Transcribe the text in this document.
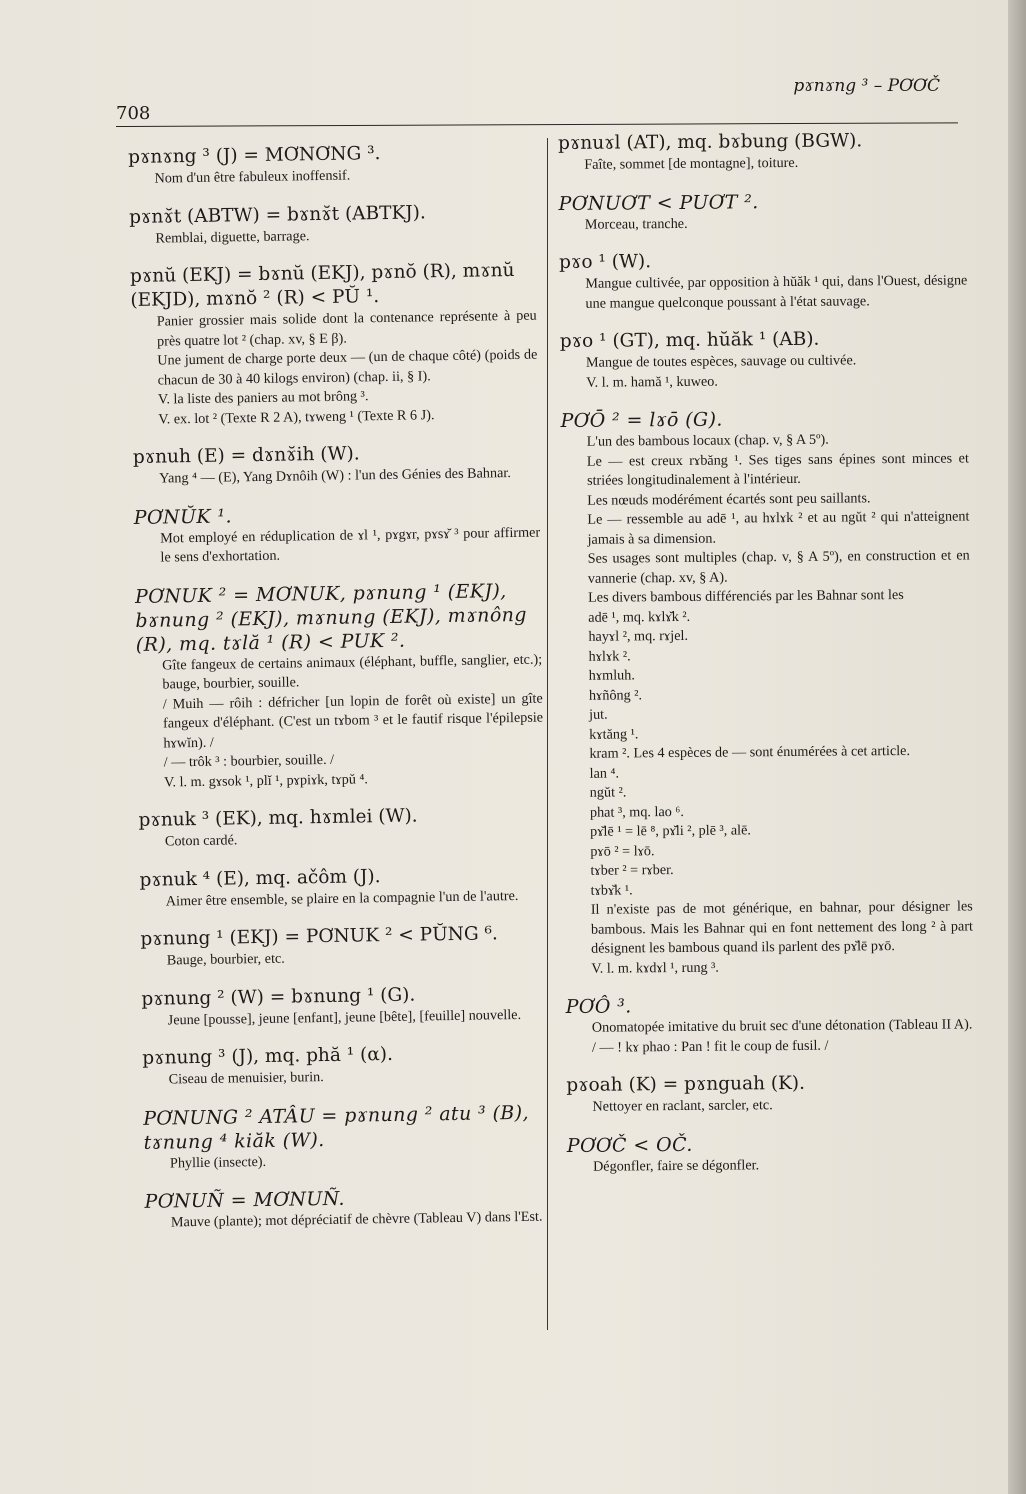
pɤnɤng ³ – PƠƠČ
708
pɤnɤng ³ (J) = MƠNƠNG ³.
Nom d'un être fabuleux inoffensif.
pɤnɤ̆t (ABTW) = bɤnɤ̆t (ABTKJ).
Remblai, diguette, barrage.
pɤnŭ (EKJ) = bɤnŭ (EKJ), pɤnŏ (R), mɤnŭ (EKJD), mɤnŏ ² (R) < PŬ ¹.
Panier grossier mais solide dont la contenance représente à peu près quatre lot ² (chap. xv, § E β).
Une jument de charge porte deux — (un de chaque côté) (poids de chacun de 30 à 40 kilogs environ) (chap. ii, § I).
V. la liste des paniers au mot brông ³.
V. ex. lot ² (Texte R 2 A), tɤweng ¹ (Texte R 6 J).
pɤnuh (E) = dɤnɤ̆ih (W).
Yang ⁴ — (E), Yang Dɤnôih (W) : l'un des Génies des Bahnar.
PƠNŬK ¹.
Mot employé en réduplication de ɤl ¹, pɤgɤr, pɤsɤ̆ ³ pour affirmer le sens d'exhortation.
PƠNUK ² = MƠNUK, pɤnung ¹ (EKJ), bɤnung ² (EKJ), mɤnung (EKJ), mɤnông (R), mq. tɤlă ¹ (R) < PUK ².
Gîte fangeux de certains animaux (éléphant, buffle, sanglier, etc.); bauge, bourbier, souille.
/ Muih — rôih : défricher [un lopin de forêt où existe] un gîte fangeux d'éléphant. (C'est un tɤbom ³ et le fautif risque l'épilepsie hɤwĭn). /
/ — trôk ³ : bourbier, souille. /
V. l. m. gɤsok ¹, plĭ ¹, pɤpiɤk, tɤpŭ ⁴.
pɤnuk ³ (EK), mq. hɤmlei (W).
Coton cardé.
pɤnuk ⁴ (E), mq. ačôm (J).
Aimer être ensemble, se plaire en la compagnie l'un de l'autre.
pɤnung ¹ (EKJ) = PƠNUK ² < PŬNG ⁶.
Bauge, bourbier, etc.
pɤnung ² (W) = bɤnung ¹ (G).
Jeune [pousse], jeune [enfant], jeune [bête], [feuille] nouvelle.
pɤnung ³ (J), mq. phă ¹ (α).
Ciseau de menuisier, burin.
PƠNUNG ² ATÂU = pɤnung ² atu ³ (B), tɤnung ⁴ kiăk (W).
Phyllie (insecte).
PƠNUÑ = MƠNUÑ.
Mauve (plante); mot dépréciatif de chèvre (Tableau V) dans l'Est.
pɤnuɤl (AT), mq. bɤbung (BGW).
Faîte, sommet [de montagne], toiture.
PƠNUƠT < PUƠT ².
Morceau, tranche.
pɤo ¹ (W).
Mangue cultivée, par opposition à hŭăk ¹ qui, dans l'Ouest, désigne une mangue quelconque poussant à l'état sauvage.
pɤo ¹ (GT), mq. hŭăk ¹ (AB).
Mangue de toutes espèces, sauvage ou cultivée.
V. l. m. hamă ¹, kuweo.
PƠŌ ² = lɤō (G).
L'un des bambous locaux (chap. v, § A 5º).
Le — est creux rɤbăng ¹. Ses tiges sans épines sont minces et striées longitudinalement à l'intérieur.
Les nœuds modérément écartés sont peu saillants.
Le — ressemble au adē ¹, au hɤlɤk ² et au ngŭt ² qui n'atteignent jamais à sa dimension.
Ses usages sont multiples (chap. v, § A 5º), en construction et en vannerie (chap. xv, § A).
Les divers bambous différenciés par les Bahnar sont les
adē ¹, mq. kɤlɤ̆k ².
hayɤl ², mq. rɤjel.
hɤlɤk ².
hɤmluh.
hɤñông ².
jut.
kɤtăng ¹.
kram ². Les 4 espèces de — sont énumérées à cet article.
lan ⁴.
ngŭt ².
phat ³, mq. lao ⁶.
pɤ̆lē ¹ = lē ⁸, pɤ̆li ², plē ³, alē.
pɤō ² = lɤō.
tɤber ² = rɤber.
tɤbɤ̆k ¹.
Il n'existe pas de mot générique, en bahnar, pour désigner les bambous. Mais les Bahnar qui en font nettement des long ² à part désignent les bambous quand ils parlent des pɤ̆lē pɤō.
V. l. m. kɤdɤl ¹, rung ³.
PƠÔ ³.
Onomatopée imitative du bruit sec d'une détonation (Tableau II A).
/ — ! kɤ phao : Pan ! fit le coup de fusil. /
pɤoah (K) = pɤnguah (K).
Nettoyer en raclant, sarcler, etc.
PƠƠČ < OČ.
Dégonfler, faire se dégonfler.
